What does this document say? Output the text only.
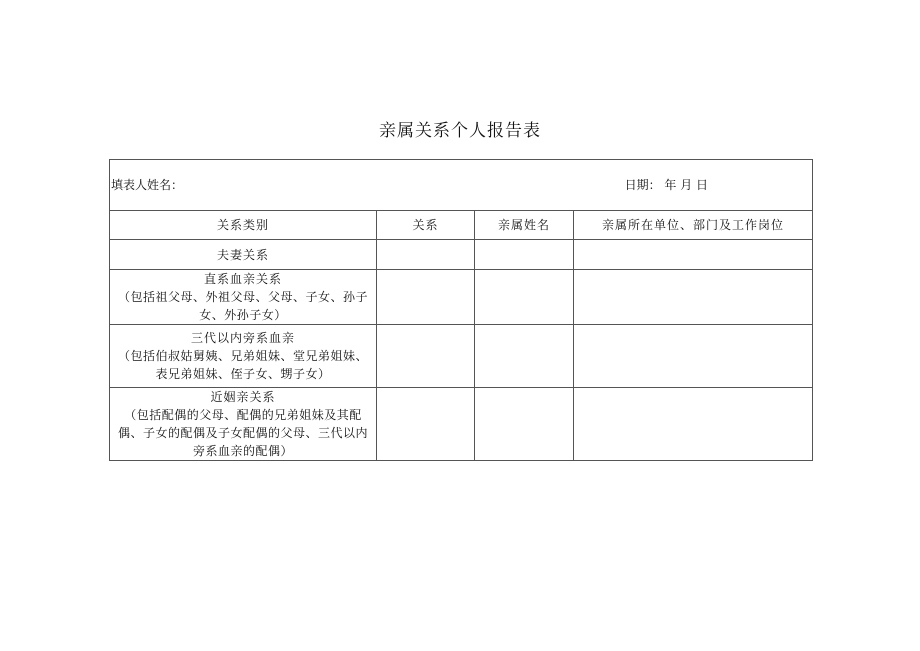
亲属关系个人报告表
填表人姓名： 日期： 年 月 日			

关系类别	关系	亲属姓名	亲属所在单位、部门及工作岗位

夫妻关系			

直系血亲关系
（包括祖父母、外祖父母、父母、子女、孙子女、外孙子女）			

三代以内旁系血亲
（包括伯叔姑舅姨、兄弟姐妹、堂兄弟姐妹、表兄弟姐妹、侄子女、甥子女）			

近姻亲关系
（包括配偶的父母、配偶的兄弟姐妹及其配偶、子女的配偶及子女配偶的父母、三代以内旁系血亲的配偶）			
